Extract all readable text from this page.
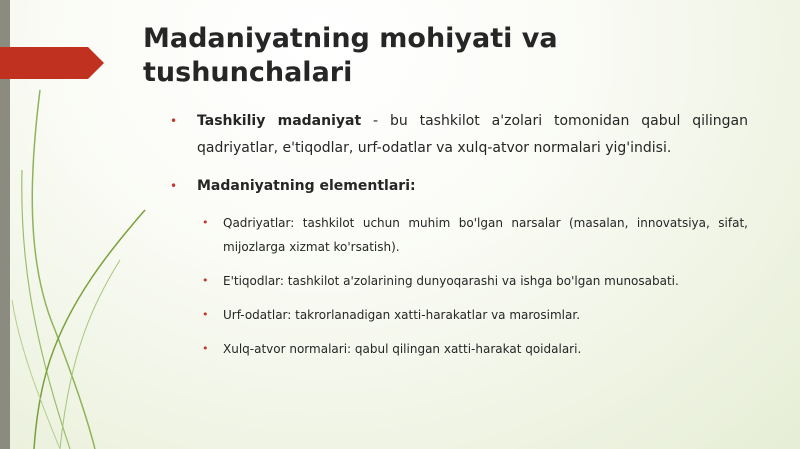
Madaniyatning mohiyati va tushunchalari
• Tashkiliy madaniyat - bu tashkilot a'zolari tomonidan qabul qilingan qadriyatlar, e'tiqodlar, urf-odatlar va xulq-atvor normalari yig'indisi.
• Madaniyatning elementlari:
• Qadriyatlar: tashkilot uchun muhim bo'lgan narsalar (masalan, innovatsiya, sifat, mijozlarga xizmat ko'rsatish).
• E'tiqodlar: tashkilot a'zolarining dunyoqarashi va ishga bo'lgan munosabati.
• Urf-odatlar: takrorlanadigan xatti-harakatlar va marosimlar.
• Xulq-atvor normalari: qabul qilingan xatti-harakat qoidalari.
